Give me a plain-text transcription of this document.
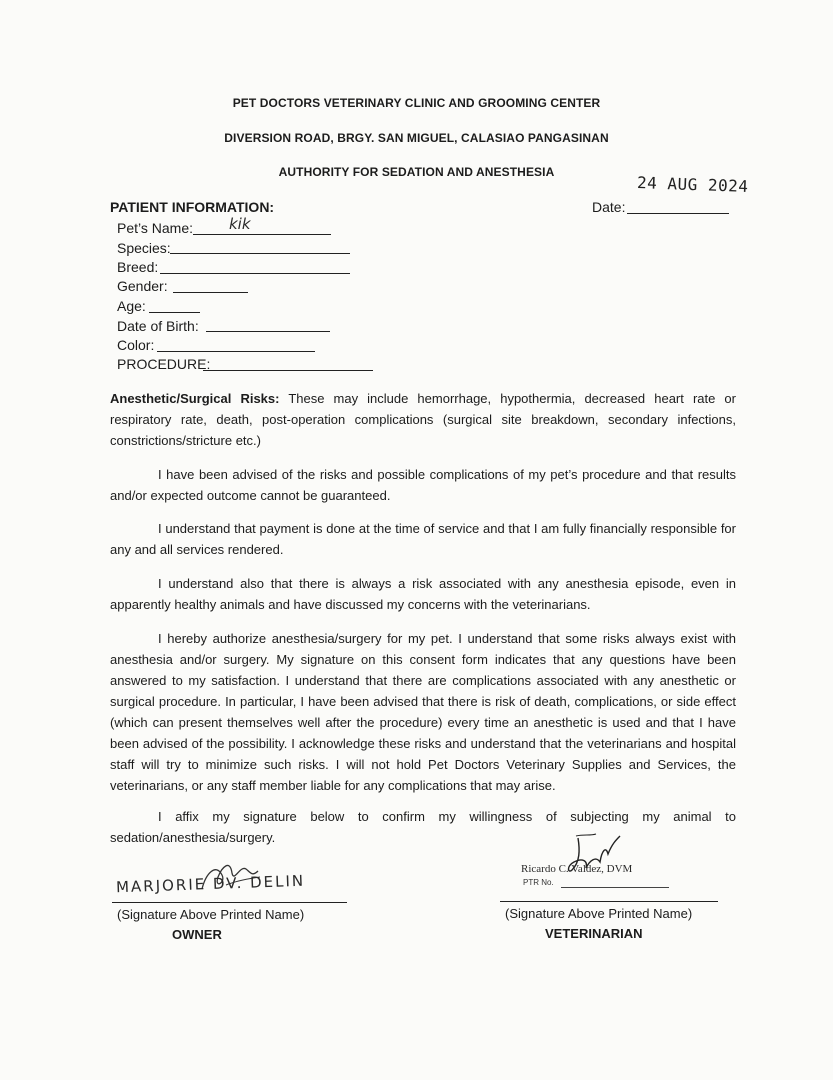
PET DOCTORS VETERINARY CLINIC AND GROOMING CENTER
DIVERSION ROAD, BRGY. SAN MIGUEL, CALASIAO PANGASINAN
AUTHORITY FOR SEDATION AND ANESTHESIA
PATIENT INFORMATION:
24 AUG 2024
Date:
Pet’s Name: kik
Species:
Breed:
Gender:
Age:
Date of Birth:
Color:
PROCEDURE:
Anesthetic/Surgical Risks: These may include hemorrhage, hypothermia, decreased heart rate or respiratory rate, death, post-operation complications (surgical site breakdown, secondary infections, constrictions/stricture etc.)
I have been advised of the risks and possible complications of my pet’s procedure and that results and/or expected outcome cannot be guaranteed.
I understand that payment is done at the time of service and that I am fully financially responsible for any and all services rendered.
I understand also that there is always a risk associated with any anesthesia episode, even in apparently healthy animals and have discussed my concerns with the veterinarians.
I hereby authorize anesthesia/surgery for my pet. I understand that some risks always exist with anesthesia and/or surgery. My signature on this consent form indicates that any questions have been answered to my satisfaction. I understand that there are complications associated with any anesthetic or surgical procedure. In particular, I have been advised that there is risk of death, complications, or side effect (which can present themselves well after the procedure) every time an anesthetic is used and that I have been advised of the possibility. I acknowledge these risks and understand that the veterinarians and hospital staff will try to minimize such risks. I will not hold Pet Doctors Veterinary Supplies and Services, the veterinarians, or any staff member liable for any complications that may arise.
I affix my signature below to confirm my willingness of subjecting my animal to sedation/anesthesia/surgery.
MARJORIE DV. DELIN
(Signature Above Printed Name)
OWNER
Ricardo C. Valdez, DVM
PTR No.
(Signature Above Printed Name)
VETERINARIAN
